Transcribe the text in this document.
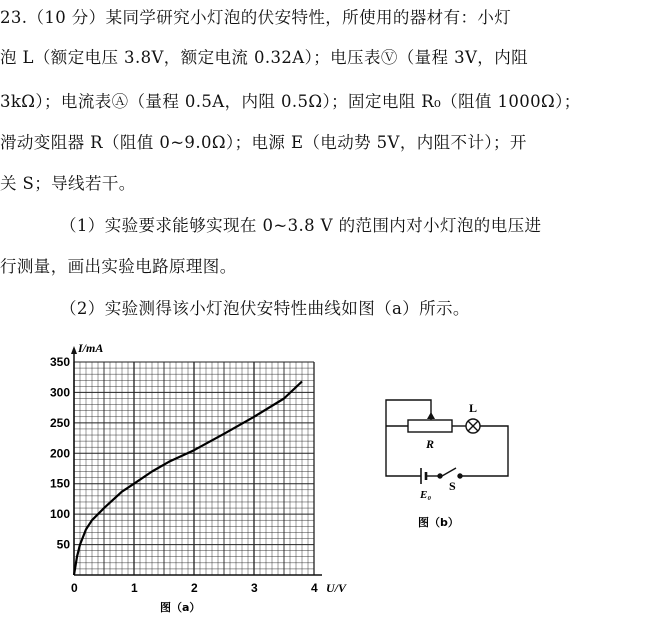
23.（10 分）某同学研究小灯泡的伏安特性，所使用的器材有：小灯
泡 L（额定电压 3.8V，额定电流 0.32A）；电压表Ⓥ（量程 3V，内阻
3kΩ）；电流表Ⓐ（量程 0.5A，内阻 0.5Ω）；固定电阻 R₀（阻值 1000Ω）；
滑动变阻器 R（阻值 0~9.0Ω）；电源 E（电动势 5V，内阻不计）；开
关 S；导线若干。
（1）实验要求能够实现在 0~3.8 V 的范围内对小灯泡的电压进
行测量，画出实验电路原理图。
（2）实验测得该小灯泡伏安特性曲线如图（a）所示。
0	1	2	3	4
50
100
150
200
250
300
350
U/V
I/mA
图（a）
R
L
E₀
S
图（b）
